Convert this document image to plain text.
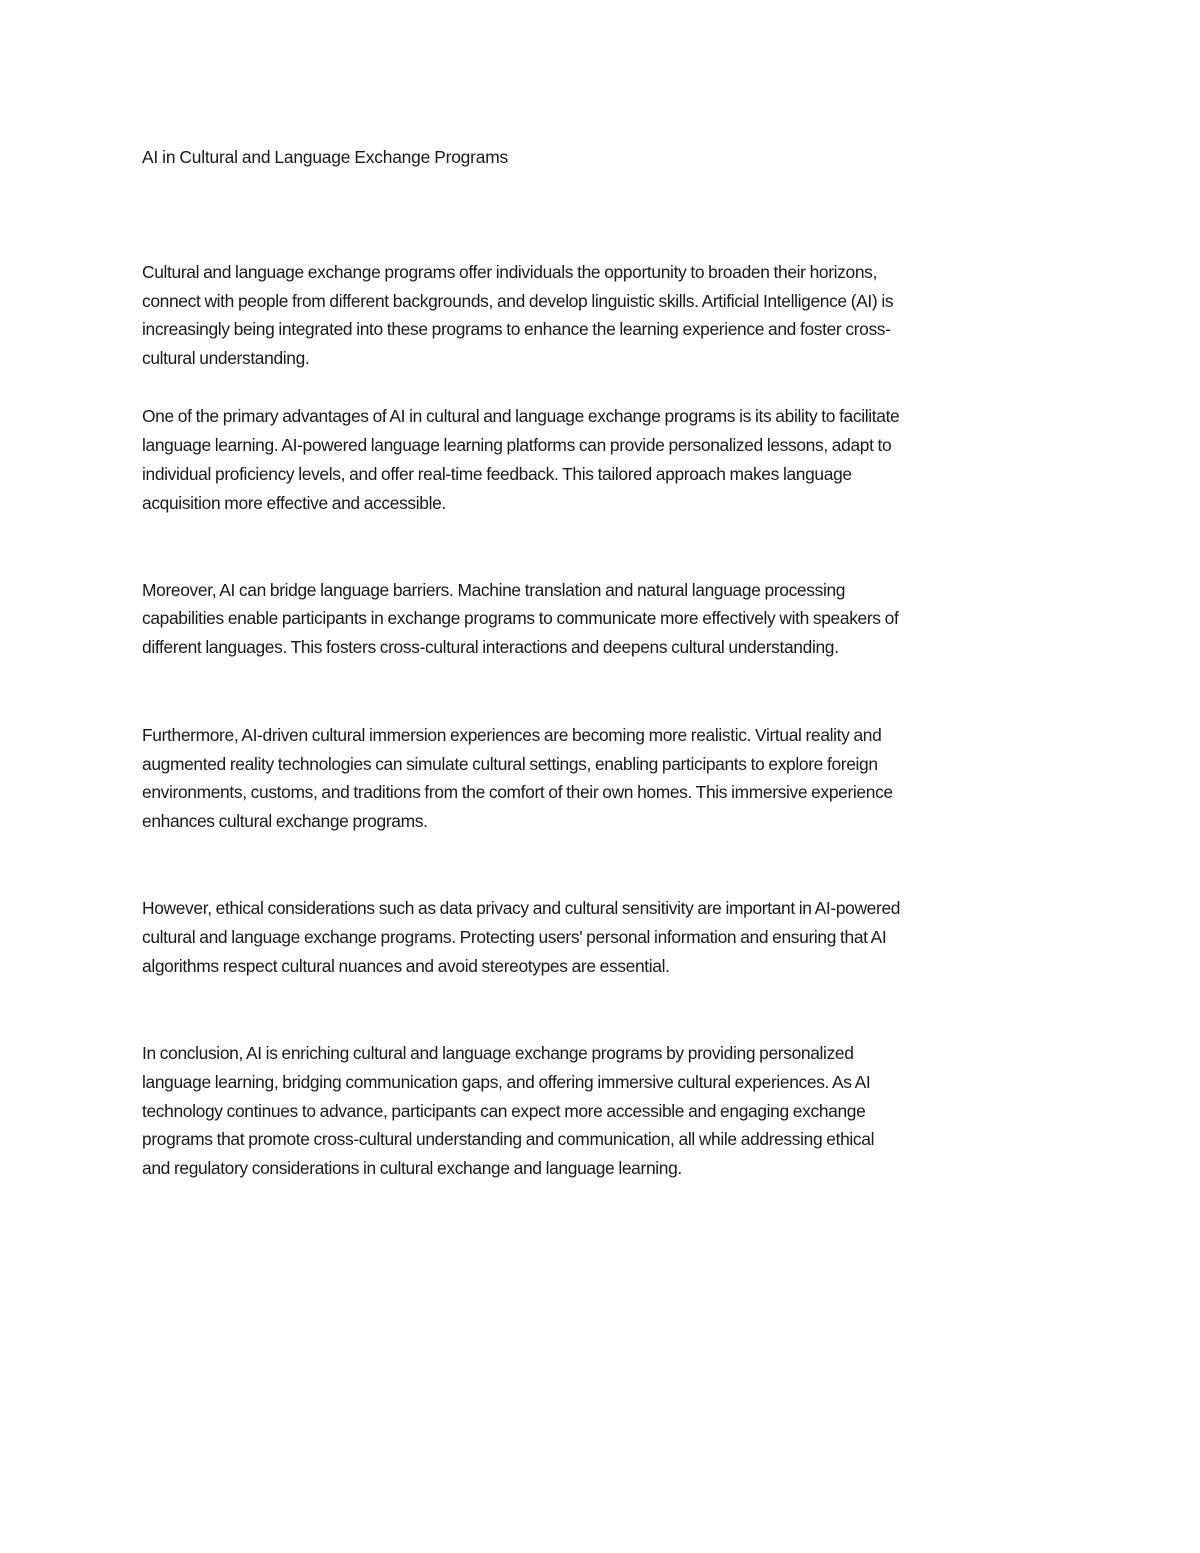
AI in Cultural and Language Exchange Programs
Cultural and language exchange programs offer individuals the opportunity to broaden their horizons,
connect with people from different backgrounds, and develop linguistic skills. Artificial Intelligence (AI) is
increasingly being integrated into these programs to enhance the learning experience and foster cross-
cultural understanding.
One of the primary advantages of AI in cultural and language exchange programs is its ability to facilitate
language learning. AI-powered language learning platforms can provide personalized lessons, adapt to
individual proficiency levels, and offer real-time feedback. This tailored approach makes language
acquisition more effective and accessible.
Moreover, AI can bridge language barriers. Machine translation and natural language processing
capabilities enable participants in exchange programs to communicate more effectively with speakers of
different languages. This fosters cross-cultural interactions and deepens cultural understanding.
Furthermore, AI-driven cultural immersion experiences are becoming more realistic. Virtual reality and
augmented reality technologies can simulate cultural settings, enabling participants to explore foreign
environments, customs, and traditions from the comfort of their own homes. This immersive experience
enhances cultural exchange programs.
However, ethical considerations such as data privacy and cultural sensitivity are important in AI-powered
cultural and language exchange programs. Protecting users' personal information and ensuring that AI
algorithms respect cultural nuances and avoid stereotypes are essential.
In conclusion, AI is enriching cultural and language exchange programs by providing personalized
language learning, bridging communication gaps, and offering immersive cultural experiences. As AI
technology continues to advance, participants can expect more accessible and engaging exchange
programs that promote cross-cultural understanding and communication, all while addressing ethical
and regulatory considerations in cultural exchange and language learning.
